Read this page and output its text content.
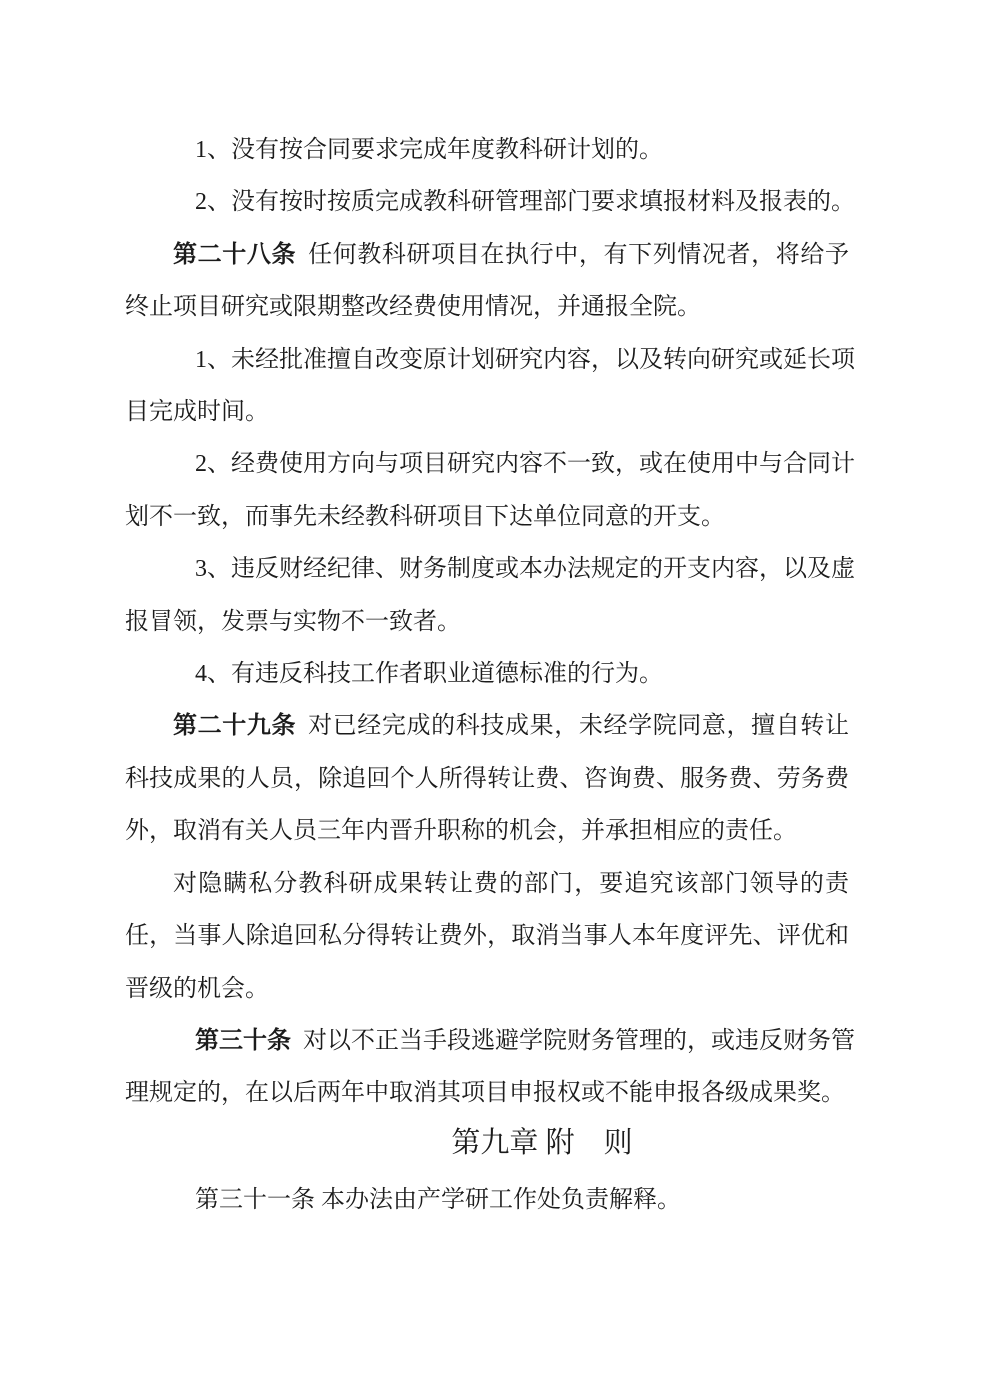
1、没有按合同要求完成年度教科研计划的。
2、没有按时按质完成教科研管理部门要求填报材料及报表的。
第二十八条 任何教科研项目在执行中，有下列情况者，将给予
终止项目研究或限期整改经费使用情况，并通报全院。
1、未经批准擅自改变原计划研究内容，以及转向研究或延长项
目完成时间。
2、经费使用方向与项目研究内容不一致，或在使用中与合同计
划不一致，而事先未经教科研项目下达单位同意的开支。
3、违反财经纪律、财务制度或本办法规定的开支内容，以及虚
报冒领，发票与实物不一致者。
4、有违反科技工作者职业道德标准的行为。
第二十九条 对已经完成的科技成果，未经学院同意，擅自转让
科技成果的人员，除追回个人所得转让费、咨询费、服务费、劳务费
外，取消有关人员三年内晋升职称的机会，并承担相应的责任。
对隐瞒私分教科研成果转让费的部门，要追究该部门领导的责
任，当事人除追回私分得转让费外，取消当事人本年度评先、评优和
晋级的机会。
第三十条 对以不正当手段逃避学院财务管理的，或违反财务管
理规定的，在以后两年中取消其项目申报权或不能申报各级成果奖。
第九章 附　则
第三十一条 本办法由产学研工作处负责解释。
